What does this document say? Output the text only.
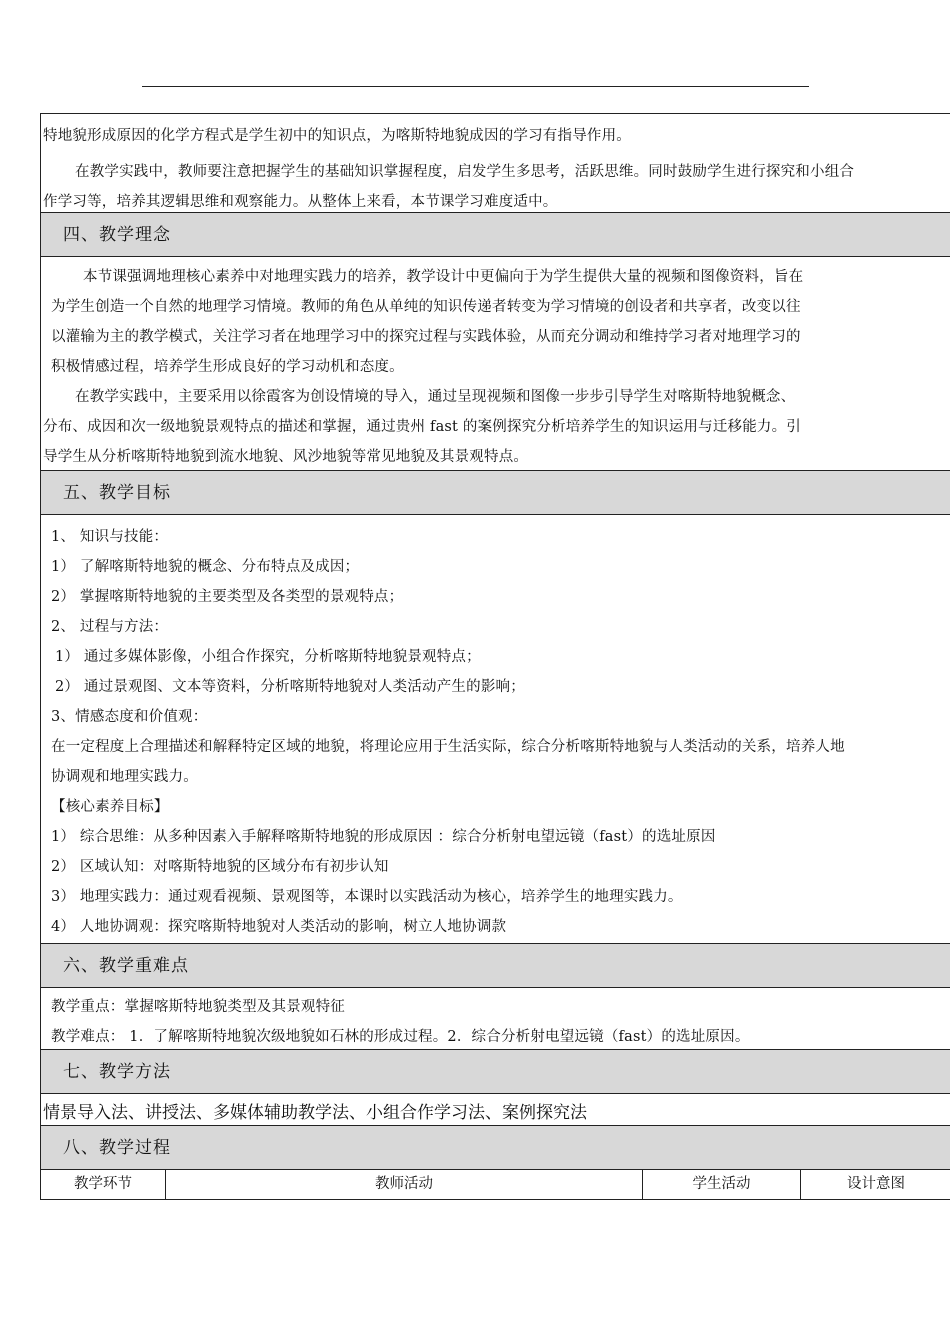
特地貌形成原因的化学方程式是学生初中的知识点，为喀斯特地貌成因的学习有指导作用。
在教学实践中，教师要注意把握学生的基础知识掌握程度，启发学生多思考，活跃思维。同时鼓励学生进行探究和小组合
作学习等，培养其逻辑思维和观察能力。从整体上来看，本节课学习难度适中。
四、教学理念
本节课强调地理核心素养中对地理实践力的培养，教学设计中更偏向于为学生提供大量的视频和图像资料，旨在
为学生创造一个自然的地理学习情境。教师的角色从单纯的知识传递者转变为学习情境的创设者和共享者，改变以往
以灌输为主的教学模式，关注学习者在地理学习中的探究过程与实践体验，从而充分调动和维持学习者对地理学习的
积极情感过程，培养学生形成良好的学习动机和态度。
在教学实践中，主要采用以徐霞客为创设情境的导入，通过呈现视频和图像一步步引导学生对喀斯特地貌概念、
分布、成因和次一级地貌景观特点的描述和掌握，通过贵州 fast 的案例探究分析培养学生的知识运用与迁移能力。引
导学生从分析喀斯特地貌到流水地貌、风沙地貌等常见地貌及其景观特点。
五、教学目标
1、 知识与技能：
1） 了解喀斯特地貌的概念、分布特点及成因；
2） 掌握喀斯特地貌的主要类型及各类型的景观特点；
2、 过程与方法：
1） 通过多媒体影像，小组合作探究，分析喀斯特地貌景观特点；
2） 通过景观图、文本等资料，分析喀斯特地貌对人类活动产生的影响；
3、情感态度和价值观：
在一定程度上合理描述和解释特定区域的地貌，将理论应用于生活实际，综合分析喀斯特地貌与人类活动的关系，培养人地
协调观和地理实践力。
【核心素养目标】
1） 综合思维：从多种因素入手解释喀斯特地貌的形成原因 ：综合分析射电望远镜（fast）的选址原因
2） 区域认知：对喀斯特地貌的区域分布有初步认知
3） 地理实践力：通过观看视频、景观图等，本课时以实践活动为核心，培养学生的地理实践力。
4） 人地协调观：探究喀斯特地貌对人类活动的影响，树立人地协调款
六、教学重难点
教学重点：掌握喀斯特地貌类型及其景观特征
教学难点： 1．了解喀斯特地貌次级地貌如石林的形成过程。2．综合分析射电望远镜（fast）的选址原因。
七、教学方法
情景导入法、讲授法、多媒体辅助教学法、小组合作学习法、案例探究法
八、教学过程
教学环节	教师活动	学生活动	设计意图
